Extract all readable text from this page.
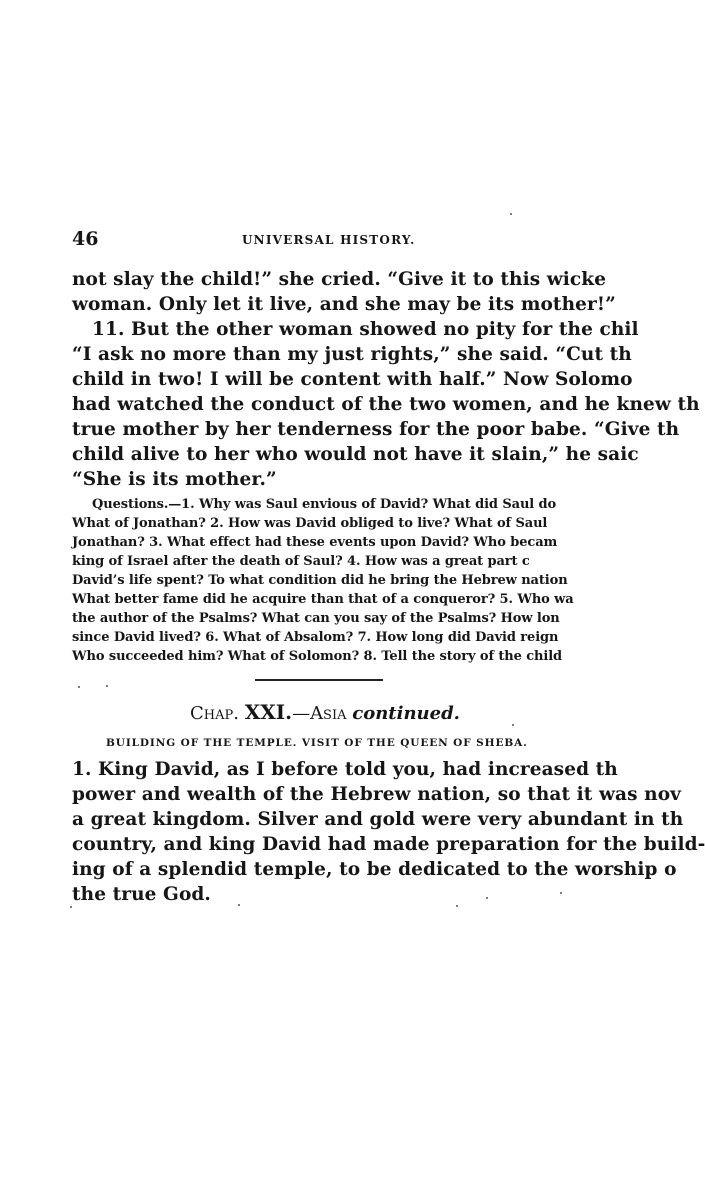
46	UNIVERSAL HISTORY.
not slay the child!” she cried. “Give it to this wicke
woman. Only let it live, and she may be its mother!”
11. But the other woman showed no pity for the chil
“I ask no more than my just rights,” she said. “Cut th
child in two! I will be content with half.” Now Solomo
had watched the conduct of the two women, and he knew th
true mother by her tenderness for the poor babe. “Give th
child alive to her who would not have it slain,” he saic
“She is its mother.”
Questions.—1. Why was Saul envious of David? What did Saul do
What of Jonathan? 2. How was David obliged to live? What of Saul
Jonathan? 3. What effect had these events upon David? Who becam
king of Israel after the death of Saul? 4. How was a great part c
David’s life spent? To what condition did he bring the Hebrew nation
What better fame did he acquire than that of a conqueror? 5. Who wa
the author of the Psalms? What can you say of the Psalms? How lon
since David lived? 6. What of Absalom? 7. How long did David reign
Who succeeded him? What of Solomon? 8. Tell the story of the child
Chap. XXI.—Asia continued.
BUILDING OF THE TEMPLE. VISIT OF THE QUEEN OF SHEBA.
1. King David, as I before told you, had increased th
power and wealth of the Hebrew nation, so that it was nov
a great kingdom. Silver and gold were very abundant in th
country, and king David had made preparation for the build-
ing of a splendid temple, to be dedicated to the worship o
the true God.
